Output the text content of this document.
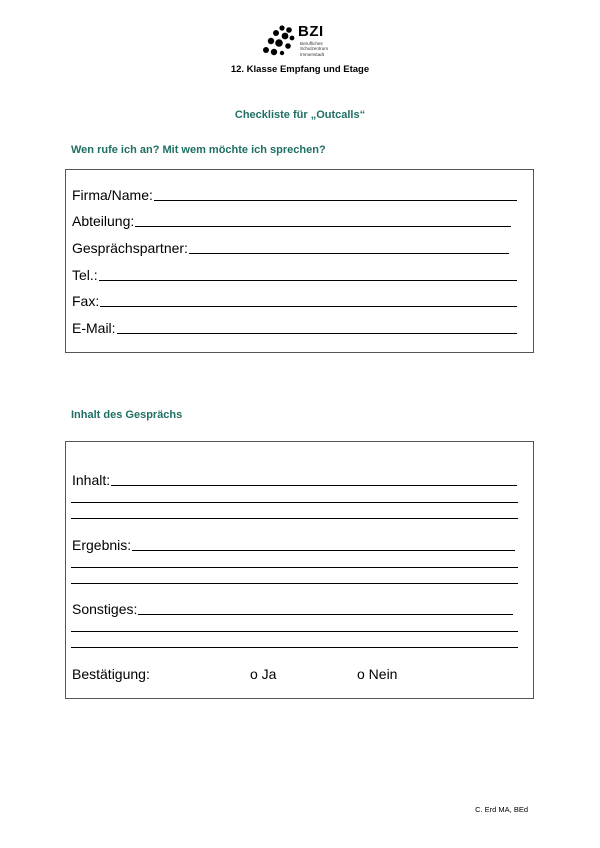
BZI
Berufliches
Schulzentrum
Immenstadt
12. Klasse Empfang und Etage
Checkliste für „Outcalls“
Wen rufe ich an? Mit wem möchte ich sprechen?
Firma/Name:
Abteilung:
Gesprächspartner:
Tel.:
Fax:
E-Mail:
Inhalt des Gesprächs
Inhalt:
Ergebnis:
Sonstiges:
Bestätigung:	o Ja	o Nein
C. Erd MA, BEd
